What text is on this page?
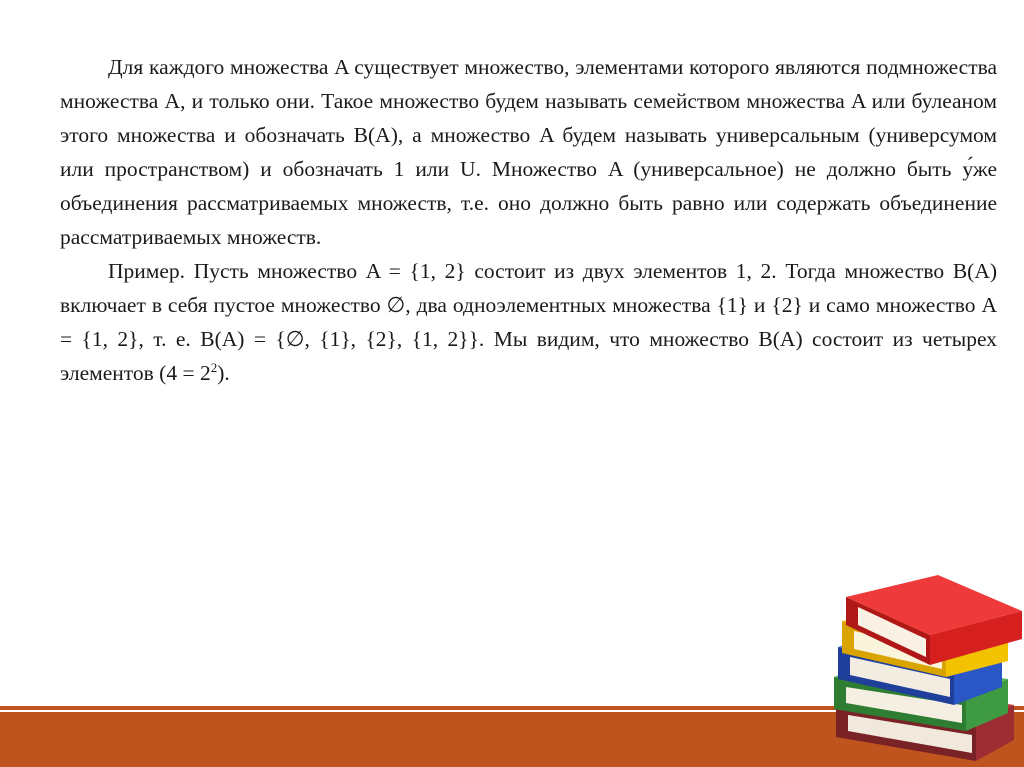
Для каждого множества A существует множество, элементами которого являются подмножества множества A, и только они. Такое множество будем называть семейством множества A или булеаном этого множества и обозначать B(A), а множество A будем называть универсальным (универсумом или пространством) и обозначать 1 или U. Множество A (универсальное) не должно быть у́же объединения рассматриваемых множеств, т.е. оно должно быть равно или содержать объединение рассматриваемых множеств.

Пример. Пусть множество A = {1, 2} состоит из двух элементов 1, 2. Тогда множество B(A) включает в себя пустое множество ∅, два одноэлементных множества {1} и {2} и само множество A = {1, 2}, т. е. B(A) = {∅, {1}, {2}, {1, 2}}. Мы видим, что множество B(A) состоит из четырех элементов $(4 = 2^2)$.
